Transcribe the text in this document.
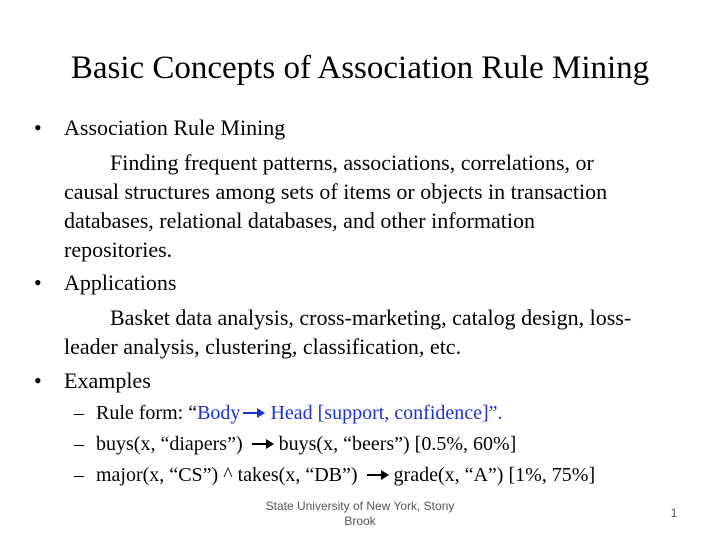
Basic Concepts of Association Rule Mining
• Association Rule Mining
Finding frequent patterns, associations, correlations, or
causal structures among sets of items or objects in transaction
databases, relational databases, and other information
repositories.
• Applications
Basket data analysis, cross-marketing, catalog design, loss-
leader analysis, clustering, classification, etc.
• Examples
– Rule form: “Body Head [support, confidence]”.
– buys(x, “diapers”) buys(x, “beers”) [0.5%, 60%]
– major(x, “CS”) ^ takes(x, “DB”) grade(x, “A”) [1%, 75%]
State University of New York, Stony Brook
1
